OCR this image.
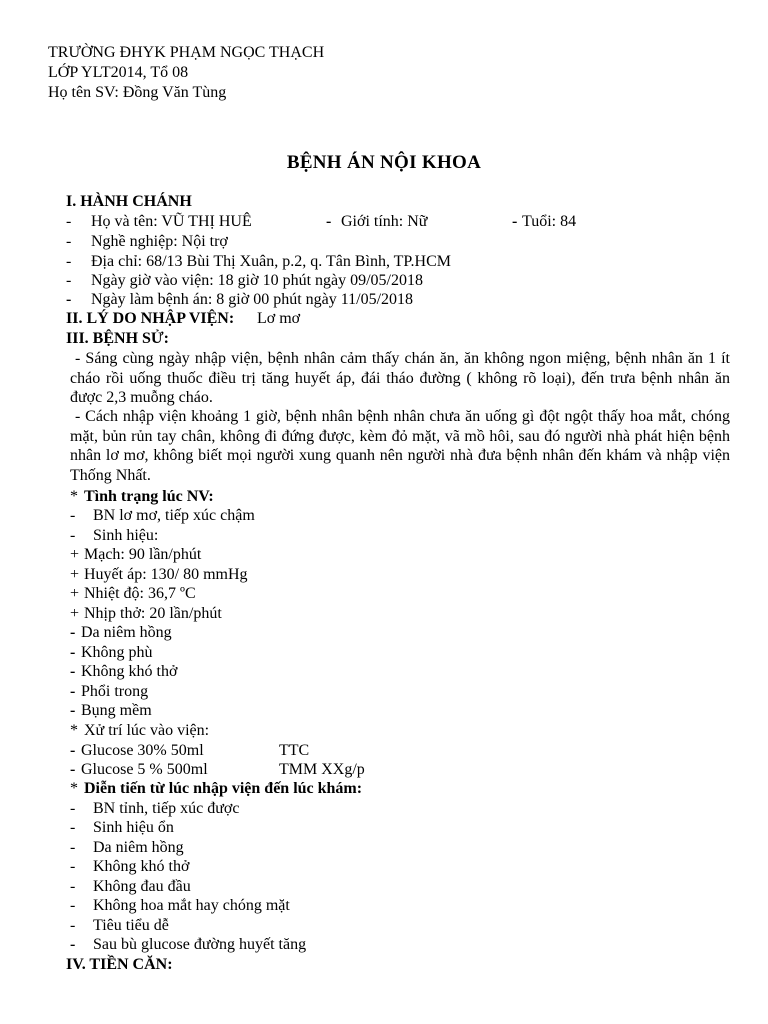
TRƯỜNG ĐHYK PHẠM NGỌC THẠCH
LỚP YLT2014, Tổ 08
Họ tên SV: Đồng Văn Tùng
BỆNH ÁN NỘI KHOA
I. HÀNH CHÁNH
- Họ và tên: VŨ THỊ HUÊ	- Giới tính: Nữ	- Tuổi: 84
- Nghề nghiệp: Nội trợ
- Địa chỉ: 68/13 Bùi Thị Xuân, p.2, q. Tân Bình, TP.HCM
- Ngày giờ vào viện: 18 giờ 10 phút ngày 09/05/2018
- Ngày làm bệnh án: 8 giờ 00 phút ngày 11/05/2018
II. LÝ DO NHẬP VIỆN: Lơ mơ
III. BỆNH SỬ:
- Sáng cùng ngày nhập viện, bệnh nhân cảm thấy chán ăn, ăn không ngon miệng, bệnh nhân ăn 1 ít cháo rồi uống thuốc điều trị tăng huyết áp, đái tháo đường ( không rõ loại), đến trưa bệnh nhân ăn được 2,3 muỗng cháo.
- Cách nhập viện khoảng 1 giờ, bệnh nhân bệnh nhân chưa ăn uống gì đột ngột thấy hoa mắt, chóng mặt, bủn rủn tay chân, không đi đứng được, kèm đỏ mặt, vã mồ hôi, sau đó người nhà phát hiện bệnh nhân lơ mơ, không biết mọi người xung quanh nên người nhà đưa bệnh nhân đến khám và nhập viện Thống Nhất.
* Tình trạng lúc NV:
- BN lơ mơ, tiếp xúc chậm
- Sinh hiệu:
+ Mạch: 90 lần/phút
+ Huyết áp: 130/ 80 mmHg
+ Nhiệt độ: 36,7 ºC
+ Nhịp thở: 20 lần/phút
- Da niêm hồng
- Không phù
- Không khó thở
- Phổi trong
- Bụng mềm
* Xử trí lúc vào viện:
- Glucose 30% 50ml	TTC
- Glucose 5 % 500ml	TMM XXg/p
* Diễn tiến từ lúc nhập viện đến lúc khám:
- BN tỉnh, tiếp xúc được
- Sinh hiệu ổn
- Da niêm hồng
- Không khó thở
- Không đau đầu
- Không hoa mắt hay chóng mặt
- Tiêu tiểu dễ
- Sau bù glucose đường huyết tăng
IV. TIỀN CĂN:
